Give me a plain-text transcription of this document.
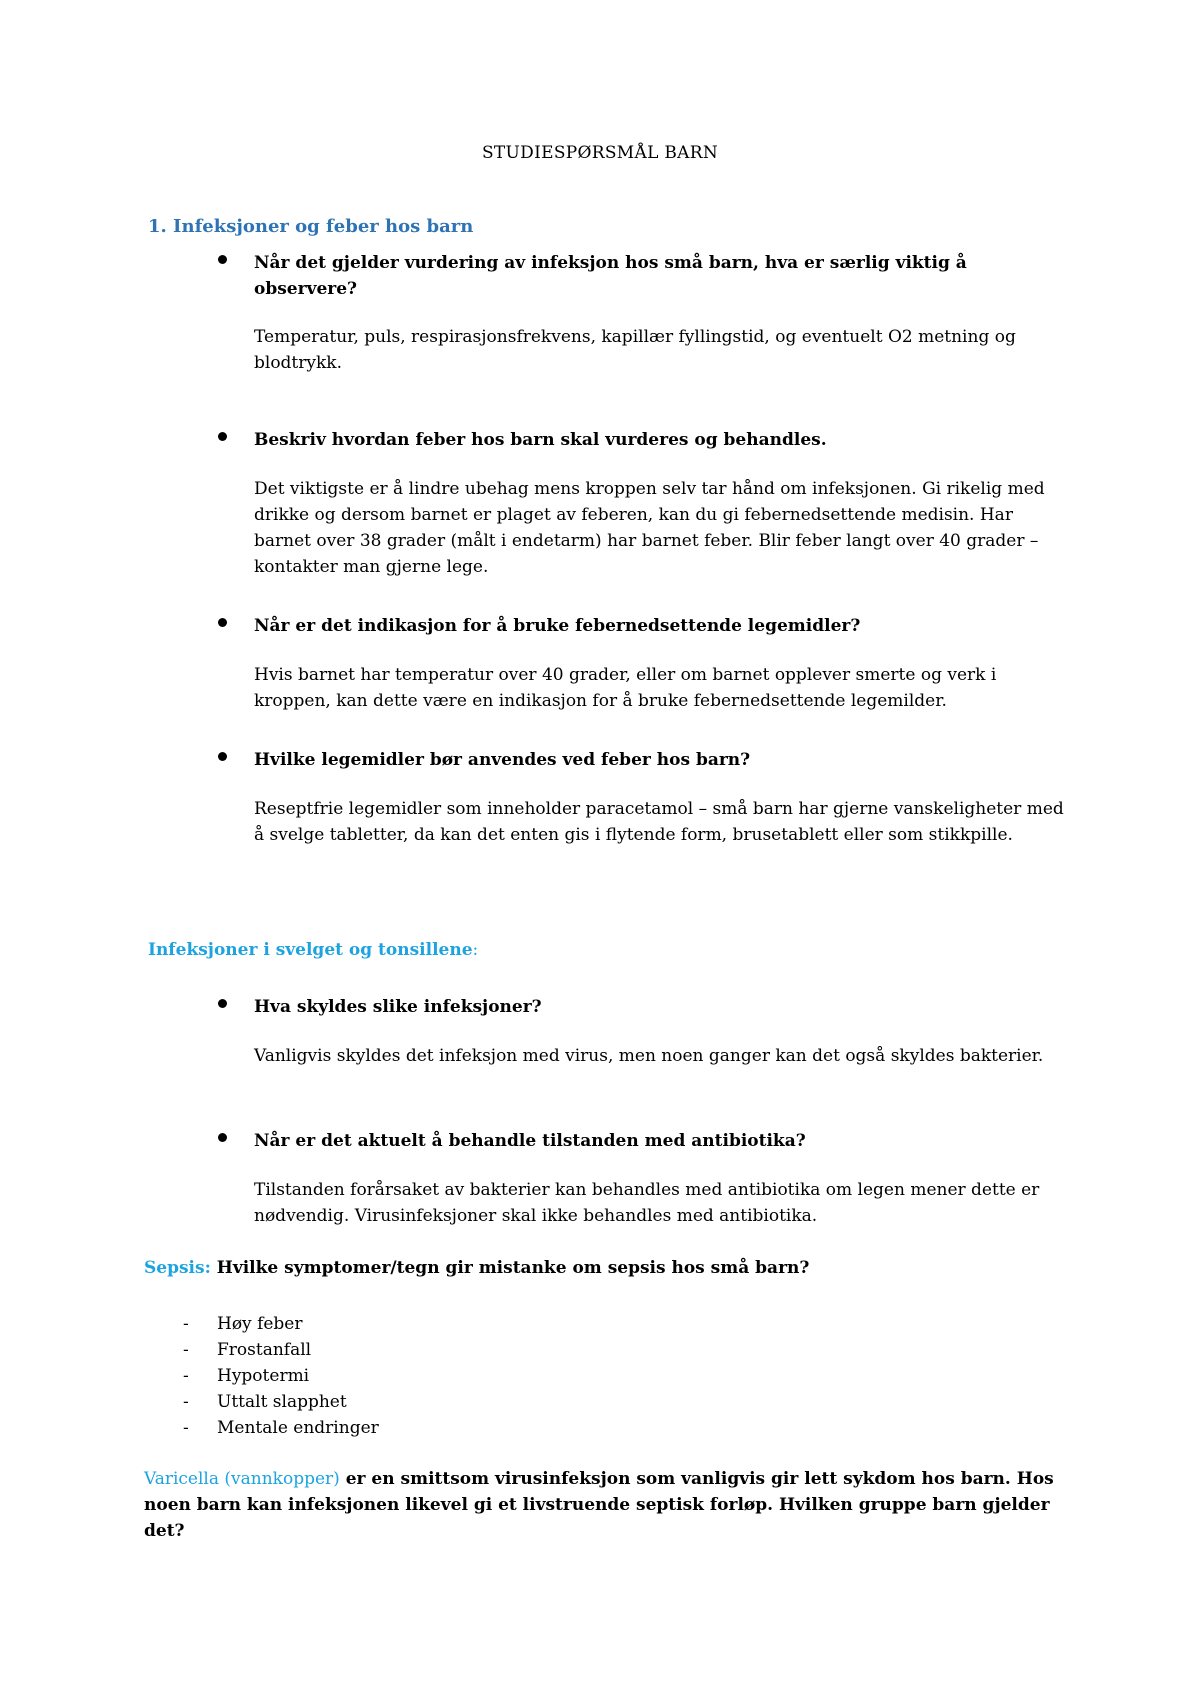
STUDIESPØRSMÅL BARN
1. Infeksjoner og feber hos barn

Når det gjelder vurdering av infeksjon hos små barn, hva er særlig viktig å observere?

Temperatur, puls, respirasjonsfrekvens, kapillær fyllingstid, og eventuelt O2 metning og blodtrykk.

Beskriv hvordan feber hos barn skal vurderes og behandles.

Det viktigste er å lindre ubehag mens kroppen selv tar hånd om infeksjonen. Gi rikelig med drikke og dersom barnet er plaget av feberen, kan du gi febernedsettende medisin. Har barnet over 38 grader (målt i endetarm) har barnet feber. Blir feber langt over 40 grader – kontakter man gjerne lege.

Når er det indikasjon for å bruke febernedsettende legemidler?

Hvis barnet har temperatur over 40 grader, eller om barnet opplever smerte og verk i kroppen, kan dette være en indikasjon for å bruke febernedsettende legemilder.

Hvilke legemidler bør anvendes ved feber hos barn?

Reseptfrie legemidler som inneholder paracetamol – små barn har gjerne vanskeligheter med å svelge tabletter, da kan det enten gis i flytende form, brusetablett eller som stikkpille.

Infeksjoner i svelget og tonsillene:

Hva skyldes slike infeksjoner?

Vanligvis skyldes det infeksjon med virus, men noen ganger kan det også skyldes bakterier.

Når er det aktuelt å behandle tilstanden med antibiotika?

Tilstanden forårsaket av bakterier kan behandles med antibiotika om legen mener dette er nødvendig. Virusinfeksjoner skal ikke behandles med antibiotika.

Sepsis: Hvilke symptomer/tegn gir mistanke om sepsis hos små barn?
- Høy feber
- Frostanfall
- Hypotermi
- Uttalt slapphet
- Mentale endringer

Varicella (vannkopper) er en smittsom virusinfeksjon som vanligvis gir lett sykdom hos barn. Hos noen barn kan infeksjonen likevel gi et livstruende septisk forløp. Hvilken gruppe barn gjelder det?
